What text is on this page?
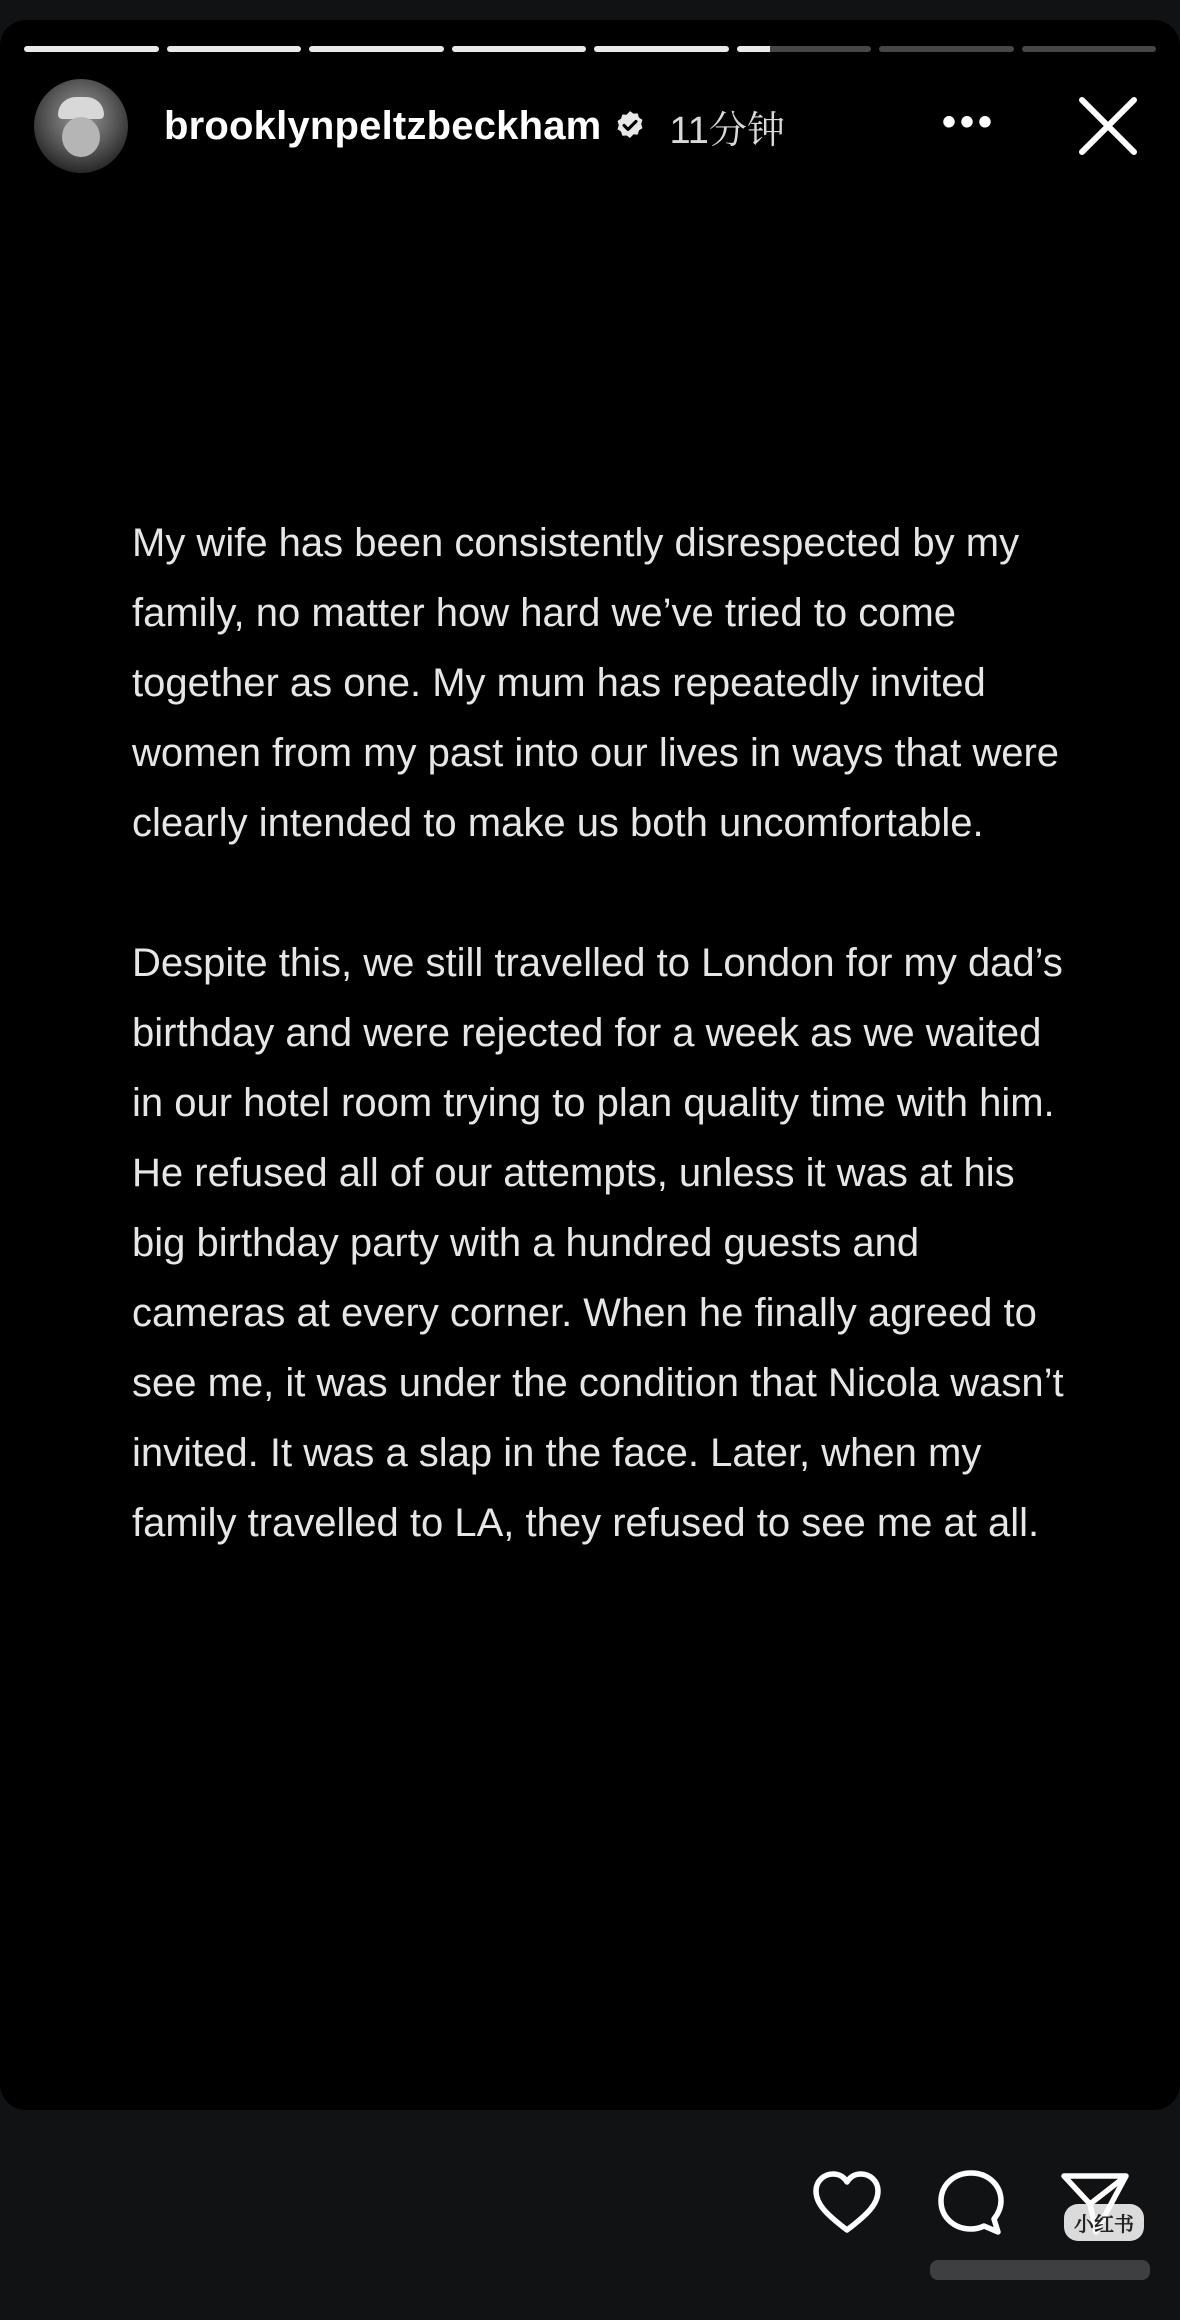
brooklynpeltzbeckham 11分钟	•••

My wife has been consistently disrespected by my family, no matter how hard we’ve tried to come together as one. My mum has repeatedly invited women from my past into our lives in ways that were clearly intended to make us both uncomfortable.

Despite this, we still travelled to London for my dad’s birthday and were rejected for a week as we waited in our hotel room trying to plan quality time with him. He refused all of our attempts, unless it was at his big birthday party with a hundred guests and cameras at every corner. When he finally agreed to see me, it was under the condition that Nicola wasn’t invited. It was a slap in the face. Later, when my family travelled to LA, they refused to see me at all.

小红书
